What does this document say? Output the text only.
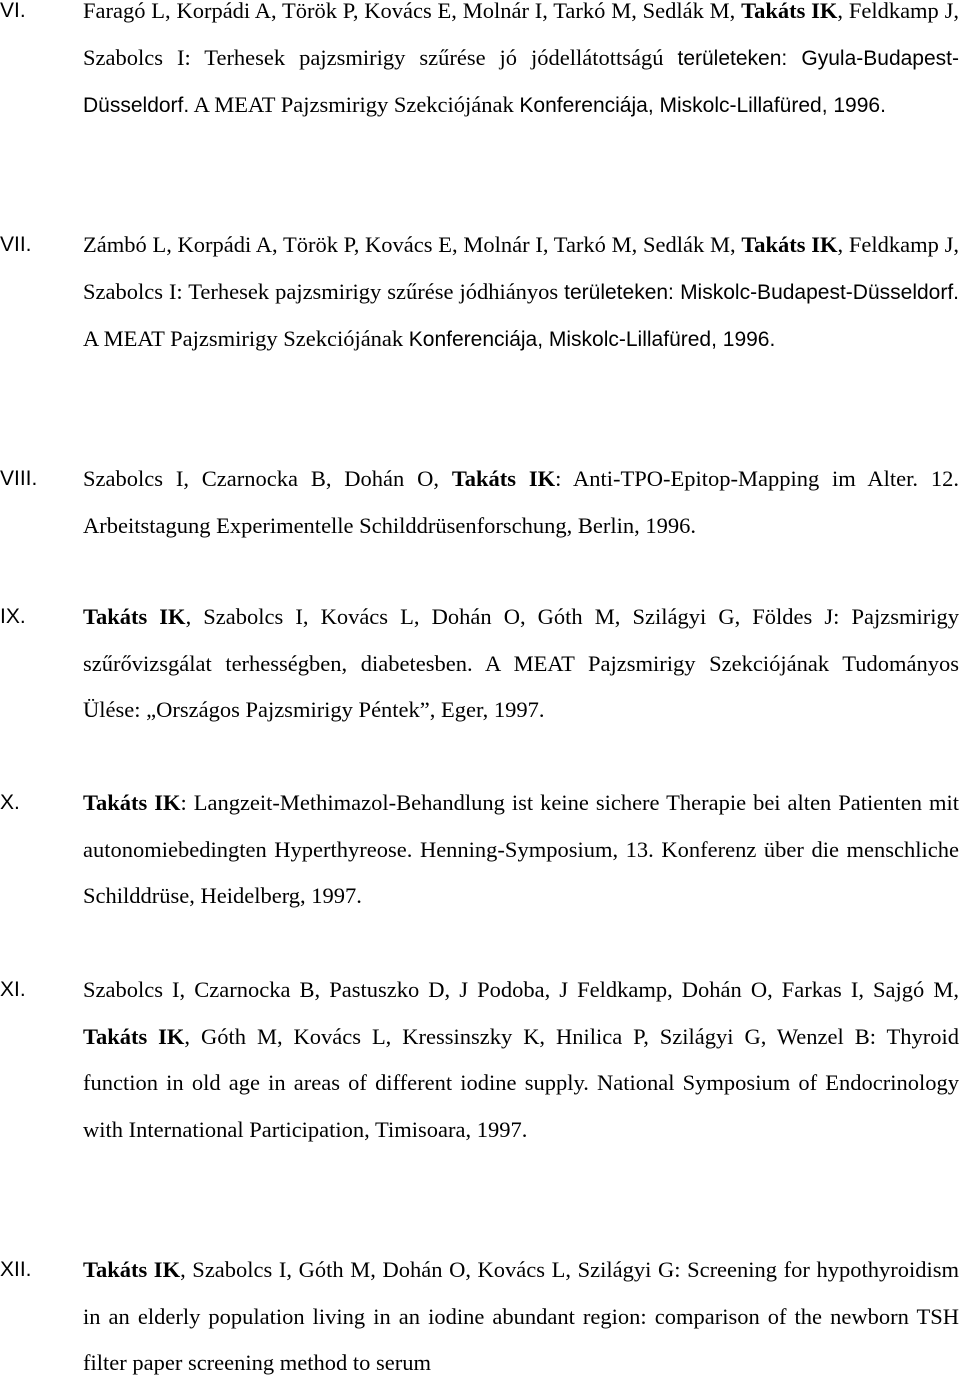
VI.	Faragó L, Korpádi A, Török P, Kovács E, Molnár I, Tarkó M, Sedlák M, Takáts IK, Feldkamp J, Szabolcs I: Terhesek pajzsmirigy szűrése jó jódellátottságú területeken: Gyula-Budapest-Düsseldorf. A MEAT Pajzsmirigy Szekciójának Konferenciája, Miskolc-Lillafüred, 1996.
VII. Zámbó L, Korpádi A, Török P, Kovács E, Molnár I, Tarkó M, Sedlák M, Takáts IK, Feldkamp J, Szabolcs I: Terhesek pajzsmirigy szűrése jódhiányos területeken: Miskolc-Budapest-Düsseldorf. A MEAT Pajzsmirigy Szekciójának Konferenciája, Miskolc-Lillafüred, 1996.
VIII. Szabolcs I, Czarnocka B, Dohán O, Takáts IK: Anti-TPO-Epitop-Mapping im Alter. 12. Arbeitstagung Experimentelle Schilddrüsenforschung, Berlin, 1996.
IX.	Takáts IK, Szabolcs I, Kovács L, Dohán O, Góth M, Szilágyi G, Földes J: Pajzsmirigy szűrővizsgálat terhességben, diabetesben. A MEAT Pajzsmirigy Szekciójának Tudományos Ülése: „Országos Pajzsmirigy Péntek”, Eger, 1997.
X.	Takáts IK: Langzeit-Methimazol-Behandlung ist keine sichere Therapie bei alten Patienten mit autonomiebedingten Hyperthyreose. Henning-Symposium, 13. Konferenz über die menschliche Schilddrüse, Heidelberg, 1997.
XI.	Szabolcs I, Czarnocka B, Pastuszko D, J Podoba, J Feldkamp, Dohán O, Farkas I, Sajgó M, Takáts IK, Góth M, Kovács L, Kressinszky K, Hnilica P, Szilágyi G, Wenzel B: Thyroid function in old age in areas of different iodine supply. National Symposium of Endocrinology with International Participation, Timisoara, 1997.
XII. Takáts IK, Szabolcs I, Góth M, Dohán O, Kovács L, Szilágyi G: Screening for hypothyroidism in an elderly population living in an iodine abundant region: comparison of the newborn TSH filter paper screening method to serum
